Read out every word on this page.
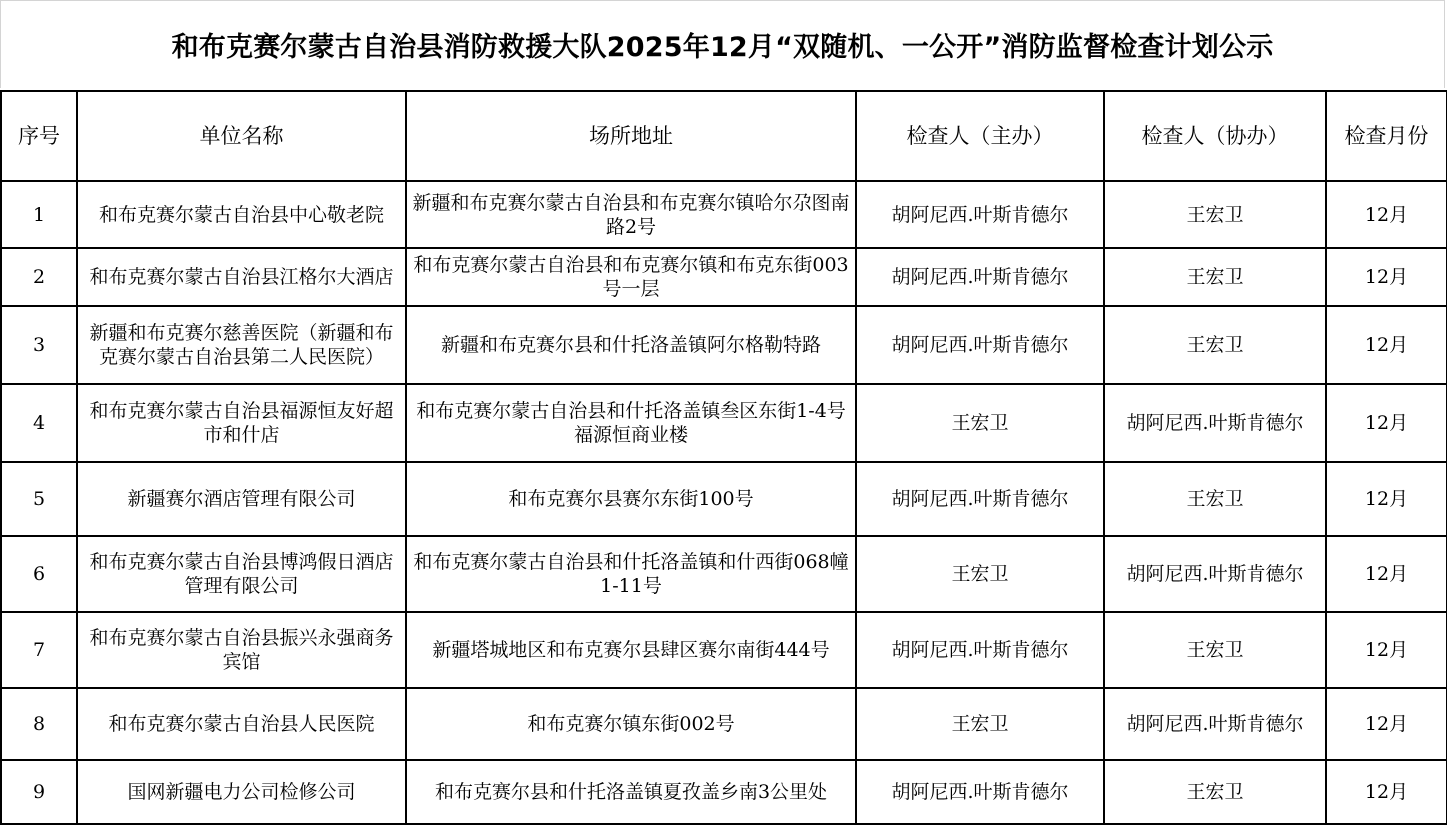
和布克赛尔蒙古自治县消防救援大队2025年12月“双随机、一公开”消防监督检查计划公示
序号	单位名称	场所地址	检查人（主办）	检查人（协办）	检查月份
1	和布克赛尔蒙古自治县中心敬老院	新疆和布克赛尔蒙古自治县和布克赛尔镇哈尔尕图南路2号	胡阿尼西.叶斯肯德尔	王宏卫	12月
2	和布克赛尔蒙古自治县江格尔大酒店	和布克赛尔蒙古自治县和布克赛尔镇和布克东街003号一层	胡阿尼西.叶斯肯德尔	王宏卫	12月
3	新疆和布克赛尔慈善医院（新疆和布克赛尔蒙古自治县第二人民医院）	新疆和布克赛尔县和什托洛盖镇阿尔格勒特路	胡阿尼西.叶斯肯德尔	王宏卫	12月
4	和布克赛尔蒙古自治县福源恒友好超市和什店	和布克赛尔蒙古自治县和什托洛盖镇叁区东街1-4号福源恒商业楼	王宏卫	胡阿尼西.叶斯肯德尔	12月
5	新疆赛尔酒店管理有限公司	和布克赛尔县赛尔东街100号	胡阿尼西.叶斯肯德尔	王宏卫	12月
6	和布克赛尔蒙古自治县博鸿假日酒店管理有限公司	和布克赛尔蒙古自治县和什托洛盖镇和什西街068幢1-11号	王宏卫	胡阿尼西.叶斯肯德尔	12月
7	和布克赛尔蒙古自治县振兴永强商务宾馆	新疆塔城地区和布克赛尔县肆区赛尔南街444号	胡阿尼西.叶斯肯德尔	王宏卫	12月
8	和布克赛尔蒙古自治县人民医院	和布克赛尔镇东街002号	王宏卫	胡阿尼西.叶斯肯德尔	12月
9	国网新疆电力公司检修公司	和布克赛尔县和什托洛盖镇夏孜盖乡南3公里处	胡阿尼西.叶斯肯德尔	王宏卫	12月
